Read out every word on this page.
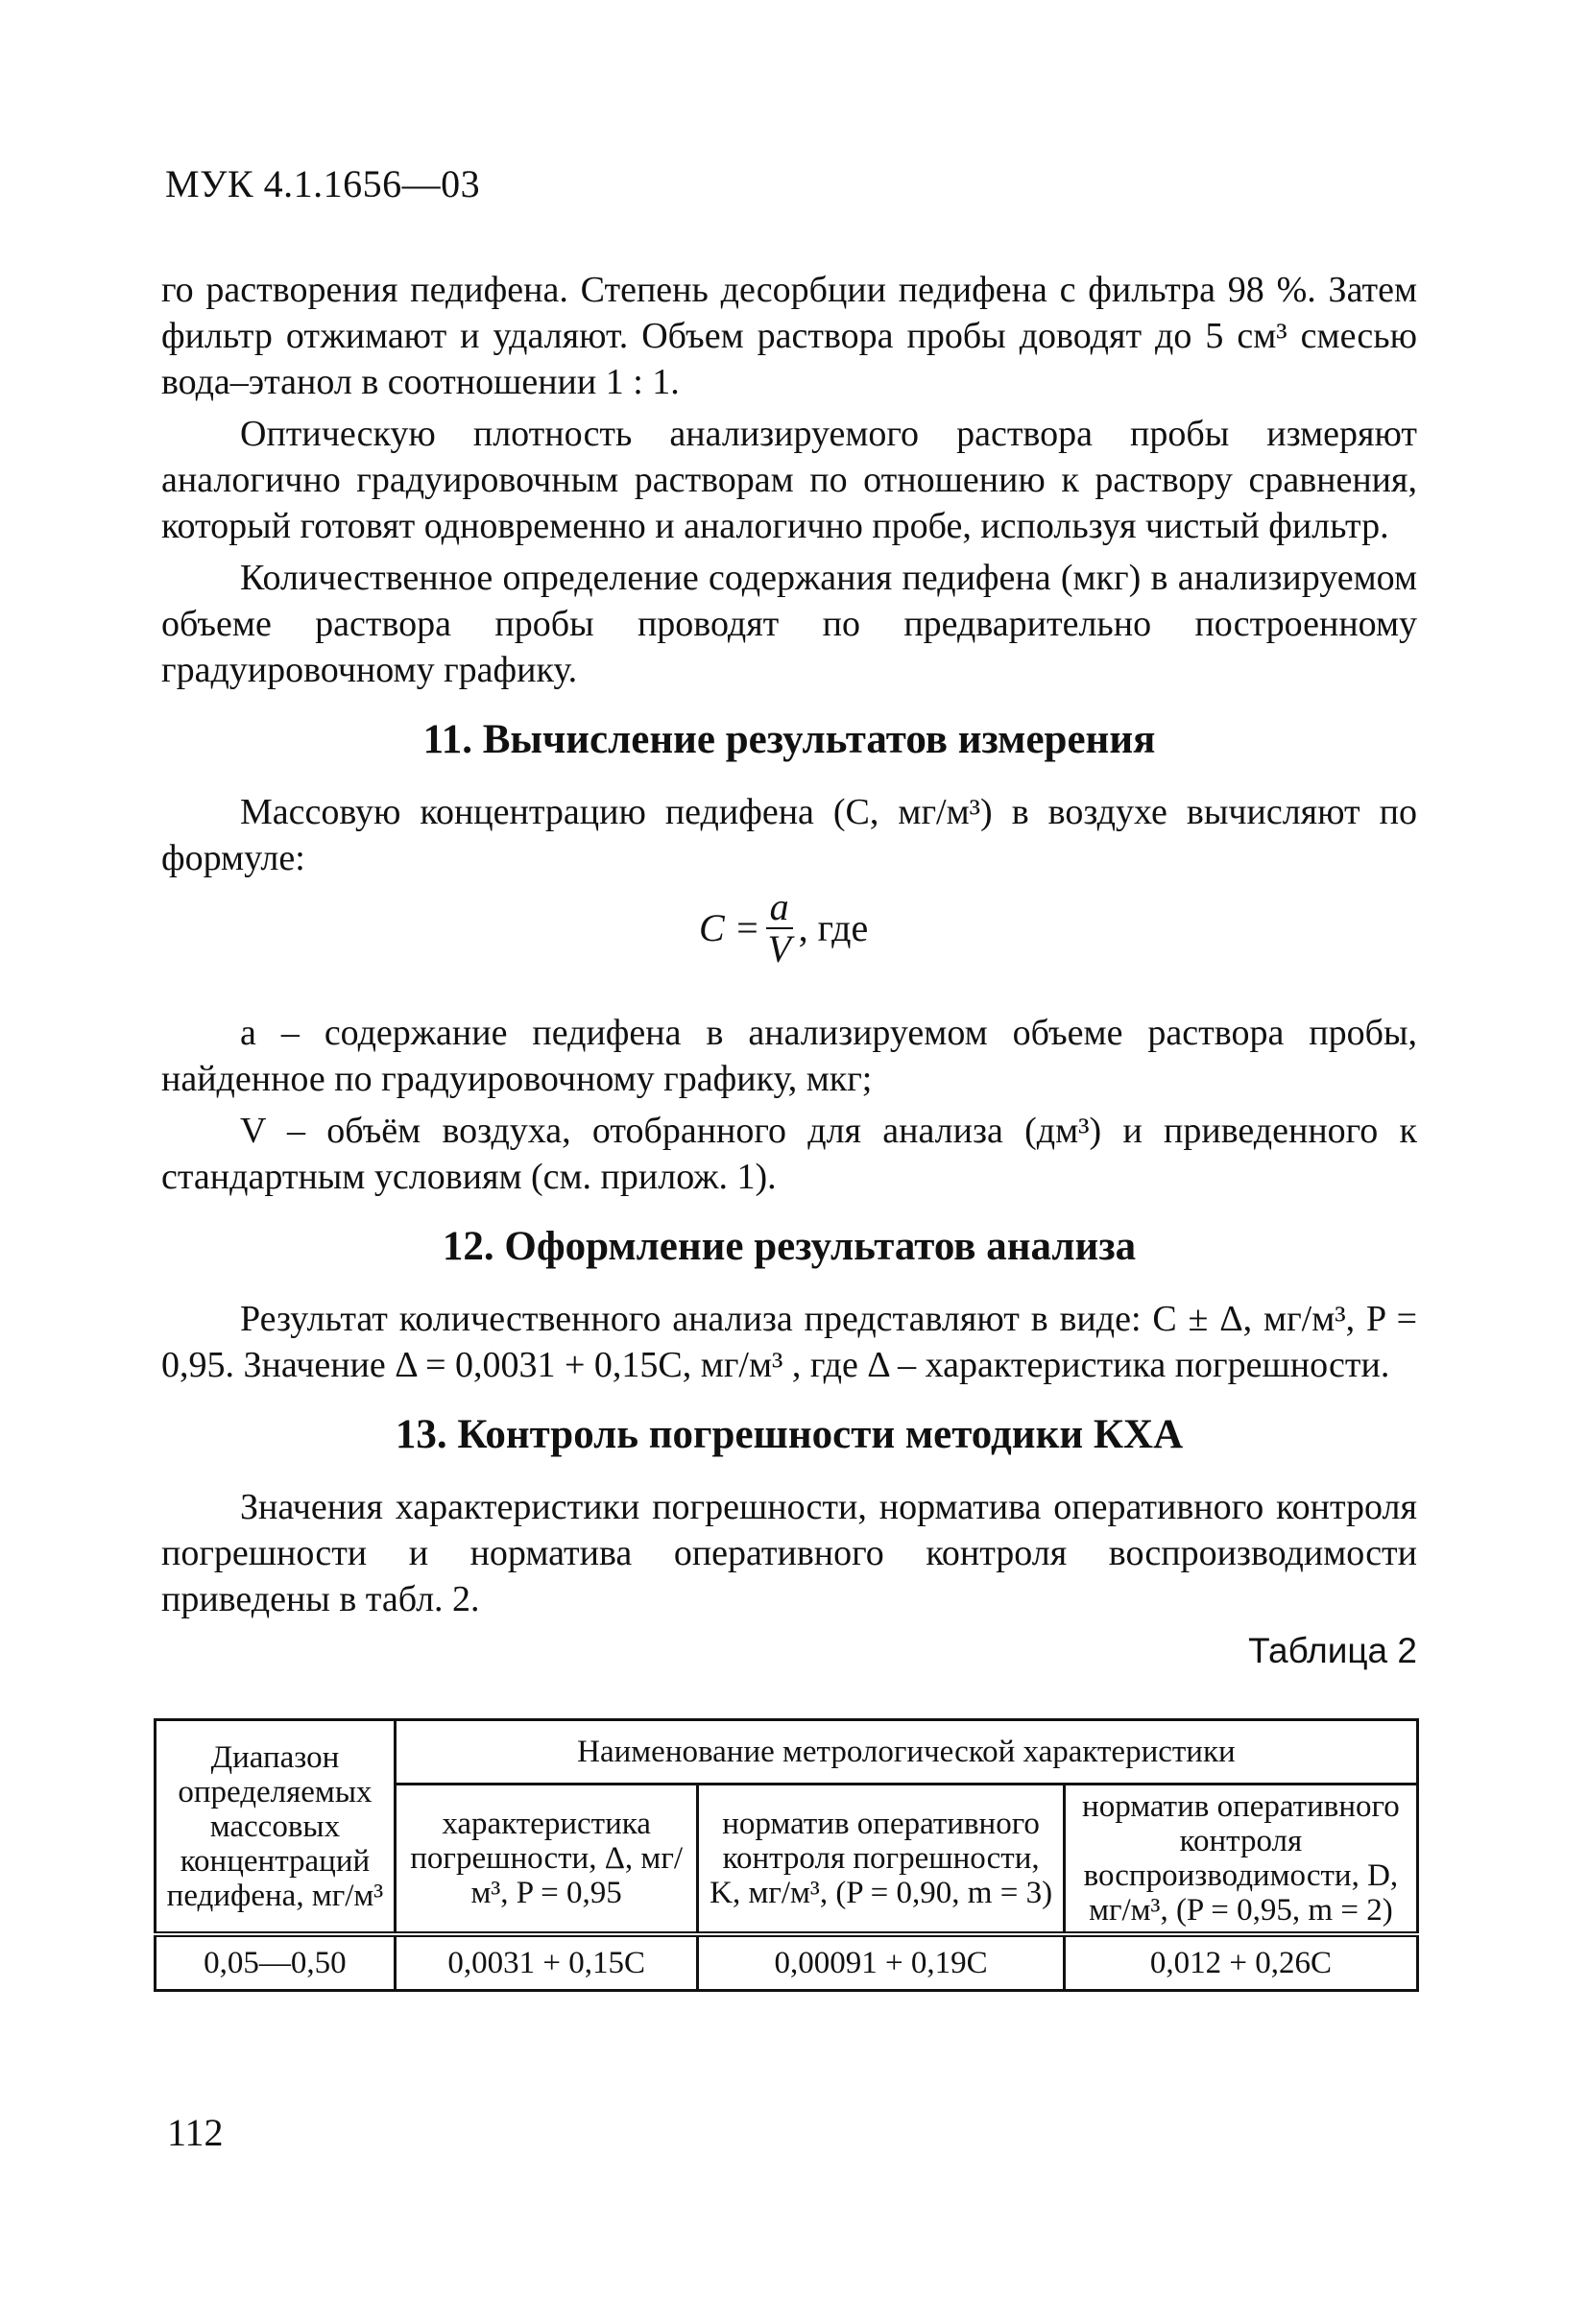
МУК 4.1.1656—03

го растворения педифена. Степень десорбции педифена с фильтра 98 %. Затем фильтр отжимают и удаляют. Объем раствора пробы доводят до 5 см³ смесью вода–этанол в соотношении 1 : 1.

Оптическую плотность анализируемого раствора пробы измеряют аналогично градуировочным растворам по отношению к раствору сравнения, который готовят одновременно и аналогично пробе, используя чистый фильтр.

Количественное определение содержания педифена (мкг) в анализируемом объеме раствора пробы проводят по предварительно построенному градуировочному графику.

11. Вычисление результатов измерения

Массовую концентрацию педифена (C, мг/м³) в воздухе вычисляют по формуле:

$C = \frac{a}{V}$ , где

a – содержание педифена в анализируемом объеме раствора пробы, найденное по градуировочному графику, мкг;

V – объём воздуха, отобранного для анализа (дм³) и приведенного к стандартным условиям (см. прилож. 1).

12. Оформление результатов анализа

Результат количественного анализа представляют в виде: C ± Δ, мг/м³, P = 0,95. Значение Δ = 0,0031 + 0,15C, мг/м³ , где Δ – характеристика погрешности.

13. Контроль погрешности методики КХА

Значения характеристики погрешности, норматива оперативного контроля погрешности и норматива оперативного контроля воспроизводимости приведены в табл. 2.

Таблица 2
Диапазон определяемых массовых концентраций педифена, мг/м³	Наименование метрологической характеристики		
	характеристика погрешности, Δ, мг/ м³, P = 0,95	норматив оперативного контроля погрешности, K, мг/м³, (P = 0,90, m = 3)	норматив оперативного контроля воспроизводимости, D, мг/м³, (P = 0,95, m = 2)
0,05—0,50	0,0031 + 0,15C	0,00091 + 0,19C	0,012 + 0,26C
112
